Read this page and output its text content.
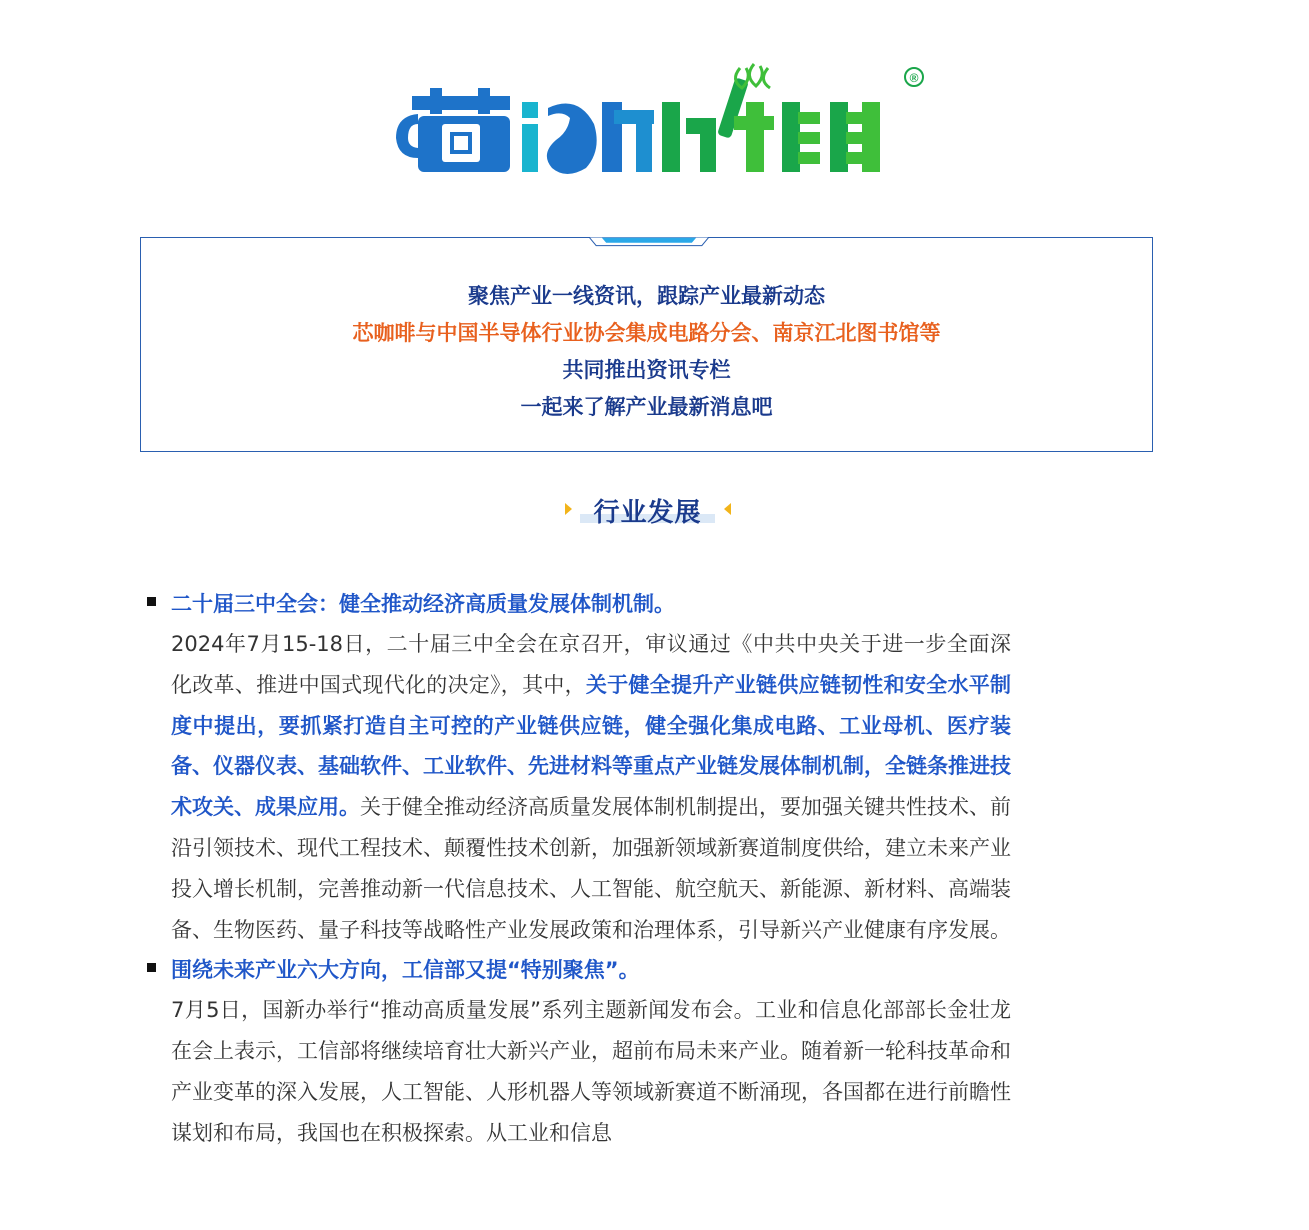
®
聚焦产业一线资讯，跟踪产业最新动态
芯咖啡与中国半导体行业协会集成电路分会、南京江北图书馆等
共同推出资讯专栏
一起来了解产业最新消息吧
行业发展
二十届三中全会：健全推动经济高质量发展体制机制。
2024年7月15-18日，二十届三中全会在京召开，审议通过《中共中央关于进一步全面深化改革、推进中国式现代化的决定》，其中，关于健全提升产业链供应链韧性和安全水平制度中提出，要抓紧打造自主可控的产业链供应链，健全强化集成电路、工业母机、医疗装备、仪器仪表、基础软件、工业软件、先进材料等重点产业链发展体制机制，全链条推进技术攻关、成果应用。关于健全推动经济高质量发展体制机制提出，要加强关键共性技术、前沿引领技术、现代工程技术、颠覆性技术创新，加强新领域新赛道制度供给，建立未来产业投入增长机制，完善推动新一代信息技术、人工智能、航空航天、新能源、新材料、高端装备、生物医药、量子科技等战略性产业发展政策和治理体系，引导新兴产业健康有序发展。
围绕未来产业六大方向，工信部又提“特别聚焦”。
7月5日，国新办举行“推动高质量发展”系列主题新闻发布会。工业和信息化部部长金壮龙在会上表示，工信部将继续培育壮大新兴产业，超前布局未来产业。随着新一轮科技革命和产业变革的深入发展，人工智能、人形机器人等领域新赛道不断涌现，各国都在进行前瞻性谋划和布局，我国也在积极探索。从工业和信息
